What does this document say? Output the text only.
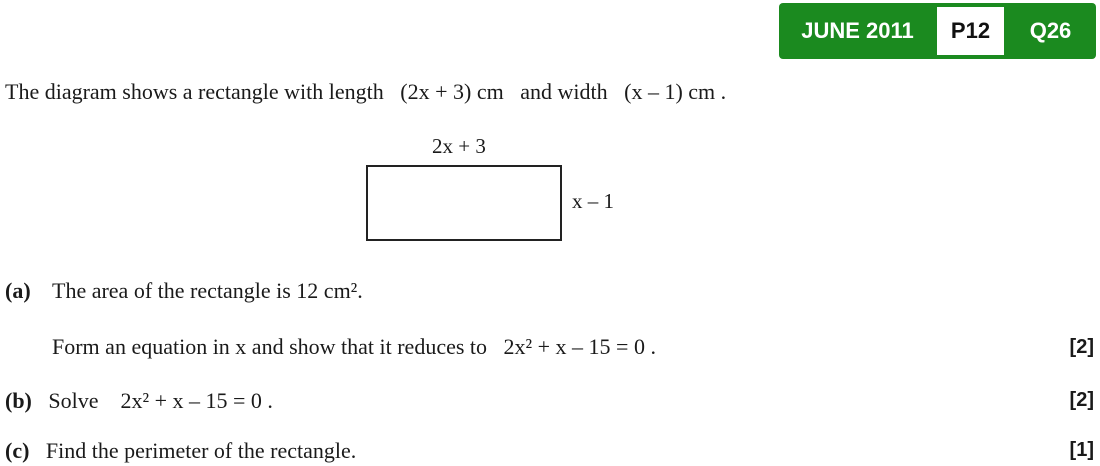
JUNE 2011	P12	Q26
The diagram shows a rectangle with length (2x + 3) cm and width (x – 1) cm .
2x + 3
x – 1
(a) The area of the rectangle is 12 cm².
Form an equation in x and show that it reduces to 2x² + x – 15 = 0 .	[2]
(b) Solve 2x² + x – 15 = 0 .	[2]
(c) Find the perimeter of the rectangle.	[1]
